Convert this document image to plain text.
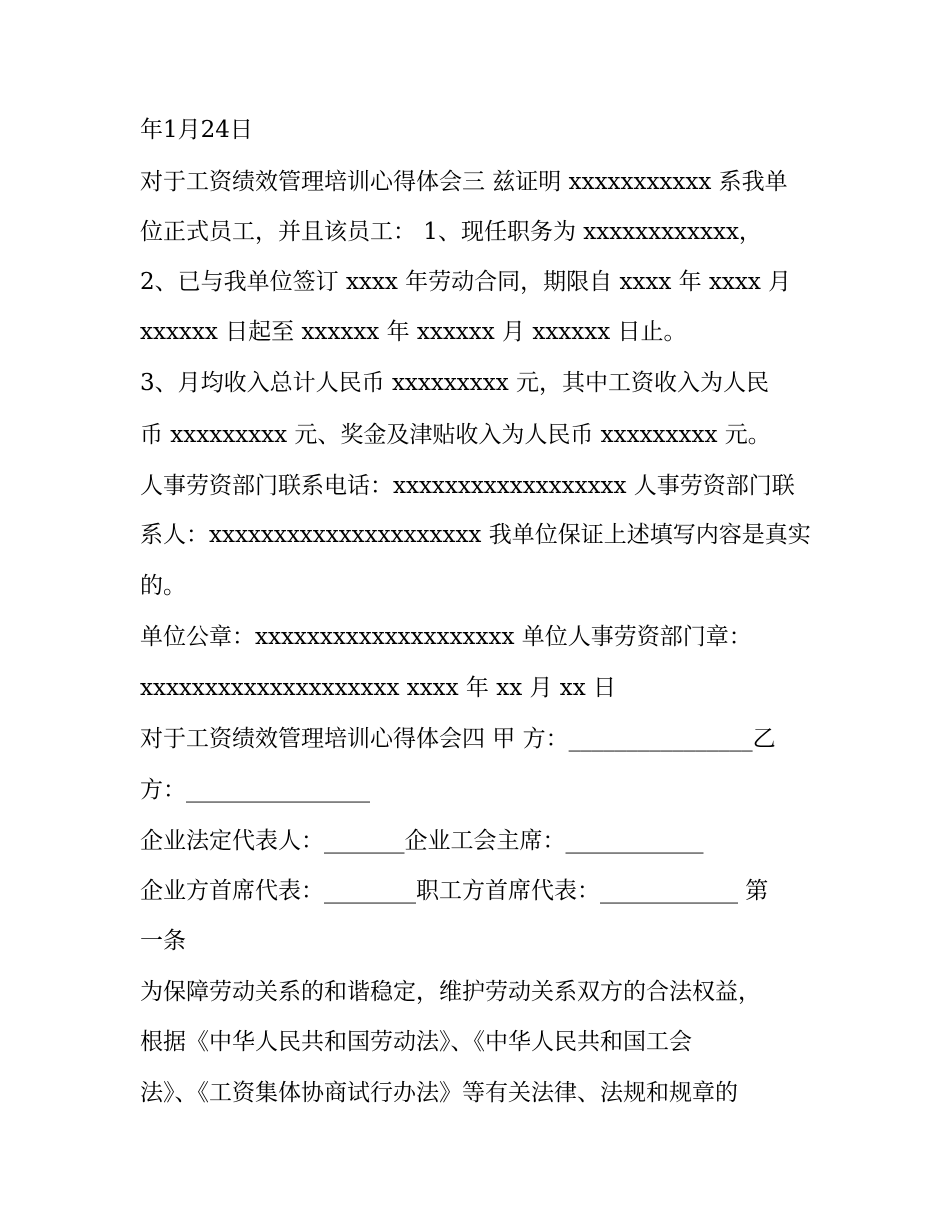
年1月24日
对于工资绩效管理培训心得体会三 兹证明 xxxxxxxxxxx 系我单
位正式员工，并且该员工： 1、现任职务为 xxxxxxxxxxxx，
2、已与我单位签订 xxxx 年劳动合同，期限自 xxxx 年 xxxx 月
xxxxxx 日起至 xxxxxx 年 xxxxxx 月 xxxxxx 日止。
3、月均收入总计人民币 xxxxxxxxx 元，其中工资收入为人民
币 xxxxxxxxx 元、奖金及津贴收入为人民币 xxxxxxxxx 元。
人事劳资部门联系电话：xxxxxxxxxxxxxxxxxx 人事劳资部门联
系人：xxxxxxxxxxxxxxxxxxxxx 我单位保证上述填写内容是真实
的。
单位公章：xxxxxxxxxxxxxxxxxxxx 单位人事劳资部门章：
xxxxxxxxxxxxxxxxxxxx xxxx 年 xx 月 xx 日
对于工资绩效管理培训心得体会四 甲 方：________________乙
方：________________
企业法定代表人：_______企业工会主席：____________
企业方首席代表：________职工方首席代表：____________ 第
一条
为保障劳动关系的和谐稳定，维护劳动关系双方的合法权益，
根据《中华人民共和国劳动法》、《中华人民共和国工会
法》、《工资集体协商试行办法》等有关法律、法规和规章的
